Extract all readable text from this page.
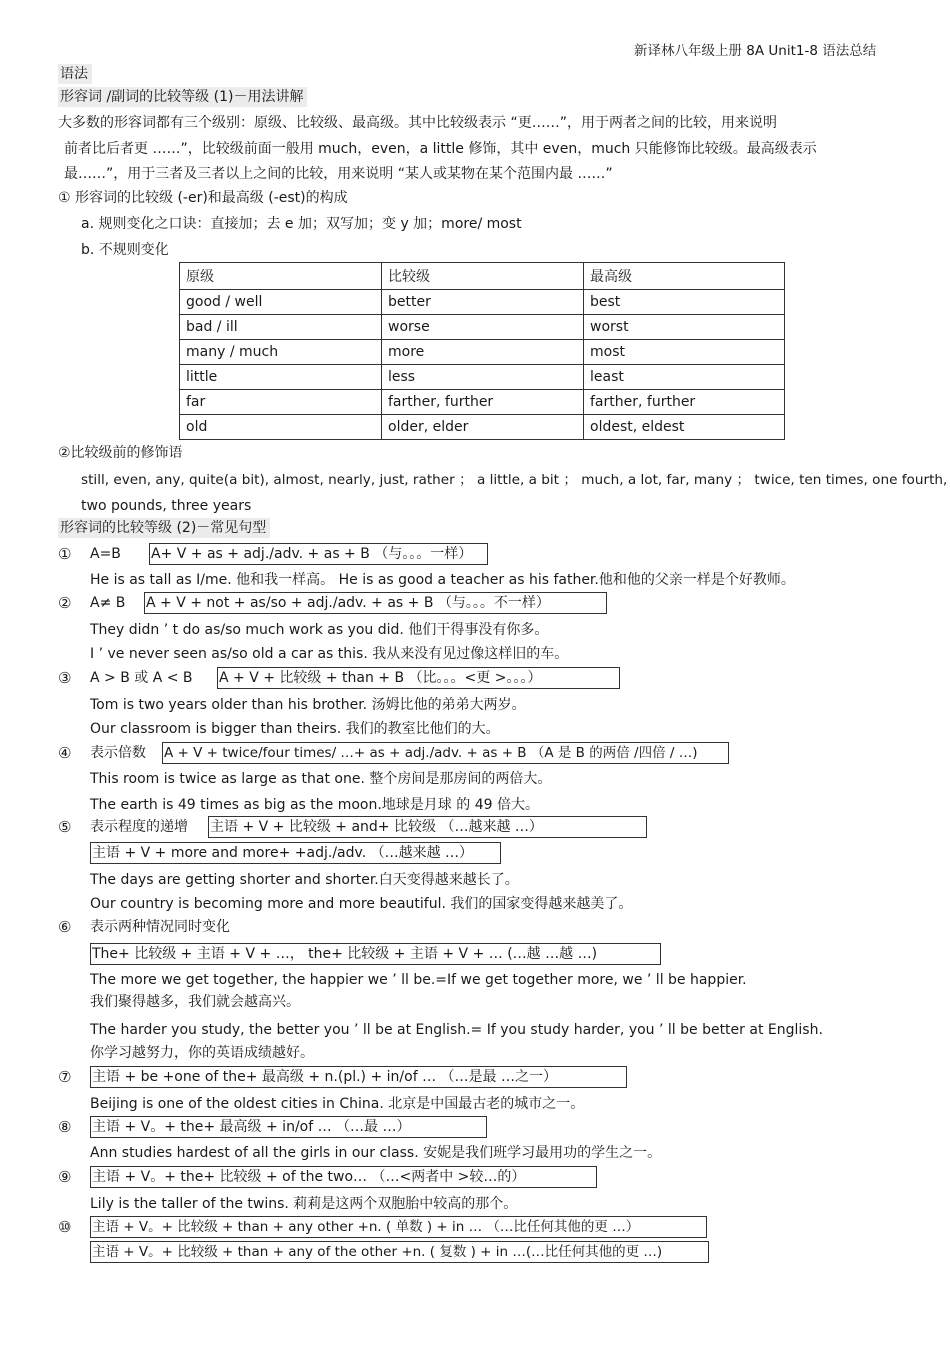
新译林八年级上册 8A Unit1-8 语法总结
语法
形容词 /副词的比较等级 (1)－用法讲解
大多数的形容词都有三个级别：原级、比较级、最高级。其中比较级表示 “更……”，用于两者之间的比较，用来说明
前者比后者更 ……”，比较级前面一般用 much，even，a little 修饰，其中 even，much 只能修饰比较级。最高级表示
最……”，用于三者及三者以上之间的比较，用来说明 “某人或某物在某个范围内最 ……”
① 形容词的比较级 (-er)和最高级 (-est)的构成
a. 规则变化之口诀：直接加；去 e 加；双写加；变 y 加；more/ most
b. 不规则变化
原级	比较级	最高级
good / well	better	best
bad / ill	worse	worst
many / much	more	most
little	less	least
far	farther, further	farther, further
old	older, elder	oldest, eldest
②比较级前的修饰语
still, even, any, quite(a bit), almost, nearly, just, rather ； a little, a bit ； much, a lot, far, many ； twice, ten times, one fourth,
two pounds, three years
形容词的比较等级 (2)－常见句型
① A=B A+ V + as + adj./adv. + as + B （与。。。一样）
He is as tall as I/me. 他和我一样高。 He is as good a teacher as his father.他和他的父亲一样是个好教师。
② A≠ B A + V + not + as/so + adj./adv. + as + B （与。。。不一样）
They didn ’ t do as/so much work as you did. 他们干得事没有你多。
I ’ ve never seen as/so old a car as this. 我从来没有见过像这样旧的车。
③ A > B 或 A < B A + V + 比较级 + than + B （比。。。<更 >。。。）
Tom is two years older than his brother. 汤姆比他的弟弟大两岁。
Our classroom is bigger than theirs. 我们的教室比他们的大。
④ 表示倍数 A + V + twice/four times/ …+ as + adj./adv. + as + B （A 是 B 的两倍 /四倍 / …)
This room is twice as large as that one. 整个房间是那房间的两倍大。
The earth is 49 times as big as the moon.地球是月球 的 49 倍大。
⑤ 表示程度的递增 主语 + V + 比较级 + and+ 比较级 （…越来越 …）
主语 + V + more and more+ +adj./adv. （…越来越 …）
The days are getting shorter and shorter.白天变得越来越长了。
Our country is becoming more and more beautiful. 我们的国家变得越来越美了。
⑥ 表示两种情况同时变化
The+ 比较级 + 主语 + V + …， the+ 比较级 + 主语 + V + … (…越 …越 …)
The more we get together, the happier we ’ ll be.=If we get together more, we ’ ll be happier.
我们聚得越多，我们就会越高兴。
The harder you study, the better you ’ ll be at English.= If you study harder, you ’ ll be better at English.
你学习越努力，你的英语成绩越好。
⑦ 主语 + be +one of the+ 最高级 + n.(pl.) + in/of … （…是最 …之一）
Beijing is one of the oldest cities in China. 北京是中国最古老的城市之一。
⑧ 主语 + V。+ the+ 最高级 + in/of … （…最 …）
Ann studies hardest of all the girls in our class. 安妮是我们班学习最用功的学生之一。
⑨ 主语 + V。+ the+ 比较级 + of the two… （…<两者中 >较…的）
Lily is the taller of the twins. 莉莉是这两个双胞胎中较高的那个。
⑩ 主语 + V。+ 比较级 + than + any other +n. ( 单数 ) + in … （…比任何其他的更 …）
主语 + V。+ 比较级 + than + any of the other +n. ( 复数 ) + in …(…比任何其他的更 …)
